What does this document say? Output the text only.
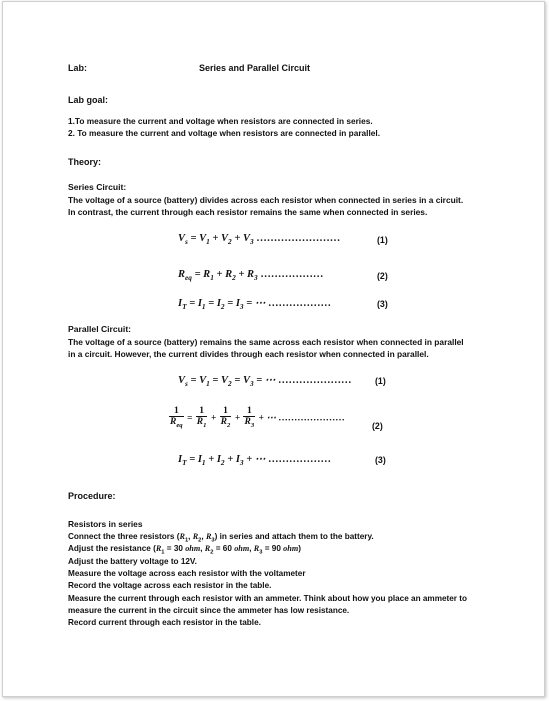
Lab:	Series and Parallel Circuit
Lab goal:
1.To measure the current and voltage when resistors are connected in series.
2. To measure the current and voltage when resistors are connected in parallel.
Theory:
Series Circuit:
The voltage of a source (battery) divides across each resistor when connected in series in a circuit. In contrast, the current through each resistor remains the same when connected in series.
$V_s = V_1 + V_2 + V_3$ ……………………	(1)
$R_{eq} = R_1 + R_2 + R_3$ ………………	(2)
$I_T = I_1 = I_2 = I_3$ = ⋯ ………………	(3)
Parallel Circuit:
The voltage of a source (battery) remains the same across each resistor when connected in parallel in a circuit. However, the current divides through each resistor when connected in parallel.
$V_s = V_1 = V_2 = V_3$ = ⋯ …………………	(1)
$\frac{1}{R_{eq}} = \frac{1}{R_1} + \frac{1}{R_2} + \frac{1}{R_3}$ + ⋯ …………………
(2)
$I_T = I_1 + I_2 + I_3$ + ⋯ ………………	(3)
Procedure:
Resistors in series
Connect the three resistors ($R_1$, $R_2$, $R_3$) in series and attach them to the battery.
Adjust the resistance ($R_1 = 30$ ohm, $R_2 = 60$ ohm, $R_3 = 90$ ohm)
Adjust the battery voltage to 12V.
Measure the voltage across each resistor with the voltameter
Record the voltage across each resistor in the table.
Measure the current through each resistor with an ammeter. Think about how you place an ammeter to measure the current in the circuit since the ammeter has low resistance.
Record current through each resistor in the table.
